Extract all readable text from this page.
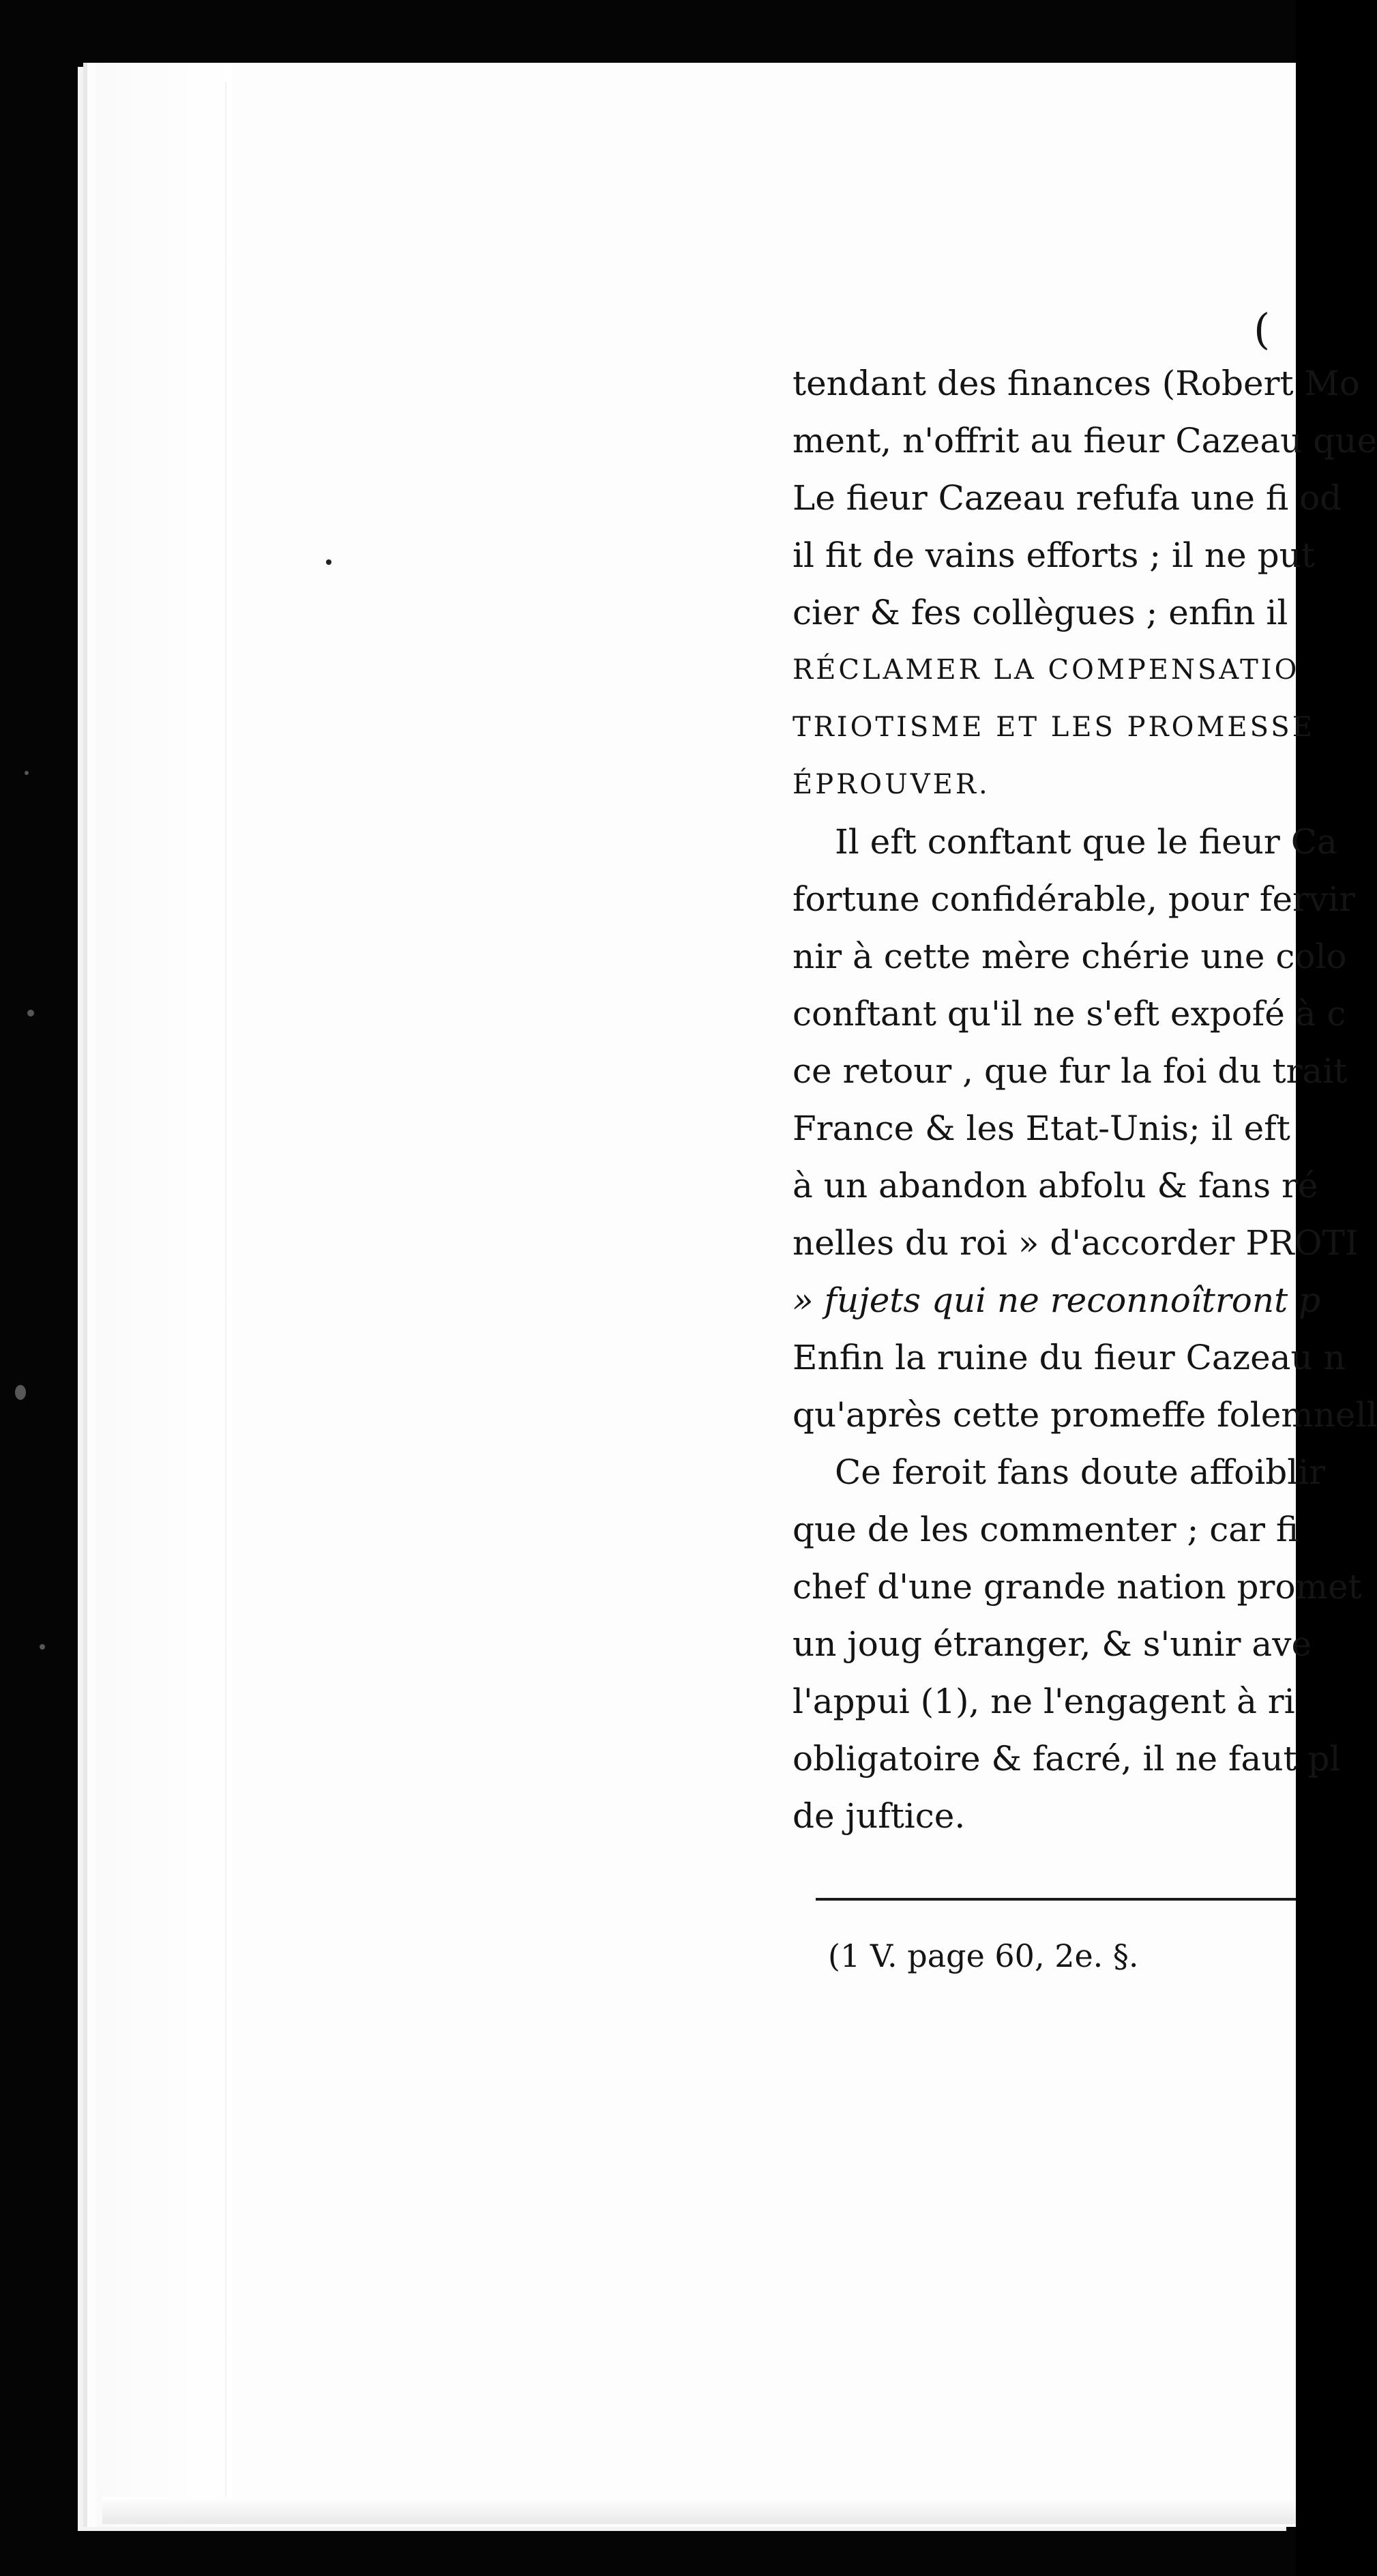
(
tendant des finances (Robert Mo
ment, n'offrit au fieur Cazeau que
Le fieur Cazeau refufa une fi od
il fit de vains efforts ; il ne put
cier & fes collègues ; enfin il
RÉCLAMER LA COMPENSATIO
TRIOTISME ET LES PROMESSE
ÉPROUVER.
Il eft conftant que le fieur Ca
fortune confidérable, pour fervir
nir à cette mère chérie une colo
conftant qu'il ne s'eft expofé à c
ce retour , que fur la foi du trait
France & les Etat-Unis; il eft
à un abandon abfolu & fans ré
nelles du roi » d'accorder PROTI
» fujets qui ne reconnoîtront p
Enfin la ruine du fieur Cazeau n
qu'après cette promeffe folemnell
Ce feroit fans doute affoiblir
que de les commenter ; car fi
chef d'une grande nation promet
un joug étranger, & s'unir ave
l'appui (1), ne l'engagent à ri
obligatoire & facré, il ne faut pl
de juftice.
(1 V. page 60, 2e. §.
